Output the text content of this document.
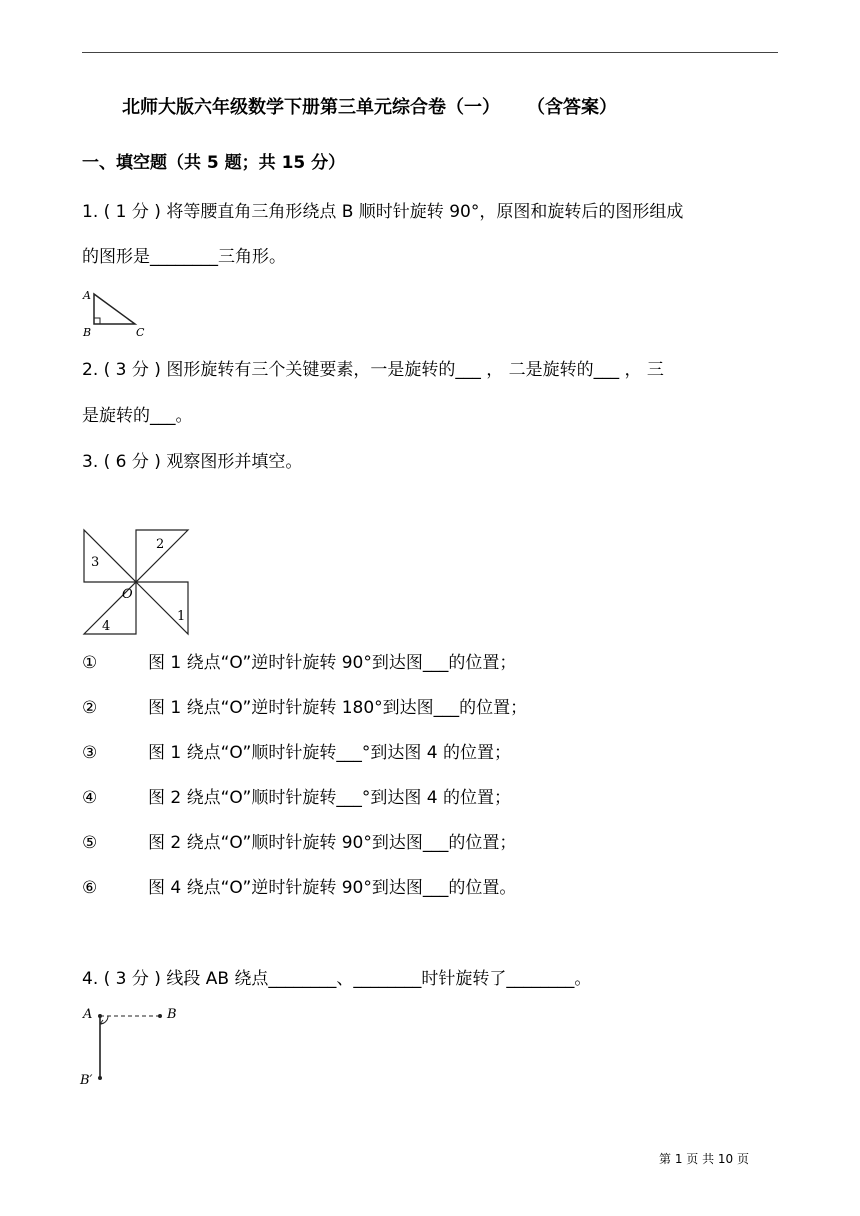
北师大版六年级数学下册第三单元综合卷（一） （含答案）
一、填空题（共 5 题；共 15 分）
1. ( 1 分 ) 将等腰直角三角形绕点 B 顺时针旋转 90°，原图和旋转后的图形组成
的图形是________三角形。
A
B	C
2. ( 3 分 ) 图形旋转有三个关键要素，一是旋转的___ ， 二是旋转的___ ， 三
是旋转的___。
3. ( 6 分 ) 观察图形并填空。
2
3
4
1
O
①	图 1 绕点“O”逆时针旋转 90°到达图___的位置；
②	图 1 绕点“O”逆时针旋转 180°到达图___的位置；
③	图 1 绕点“O”顺时针旋转___°到达图 4 的位置；
④	图 2 绕点“O”顺时针旋转___°到达图 4 的位置；
⑤	图 2 绕点“O”顺时针旋转 90°到达图___的位置；
⑥	图 4 绕点“O”逆时针旋转 90°到达图___的位置。
4. ( 3 分 ) 线段 AB 绕点________、________时针旋转了________。
A	B
B′
第 1 页 共 10 页
